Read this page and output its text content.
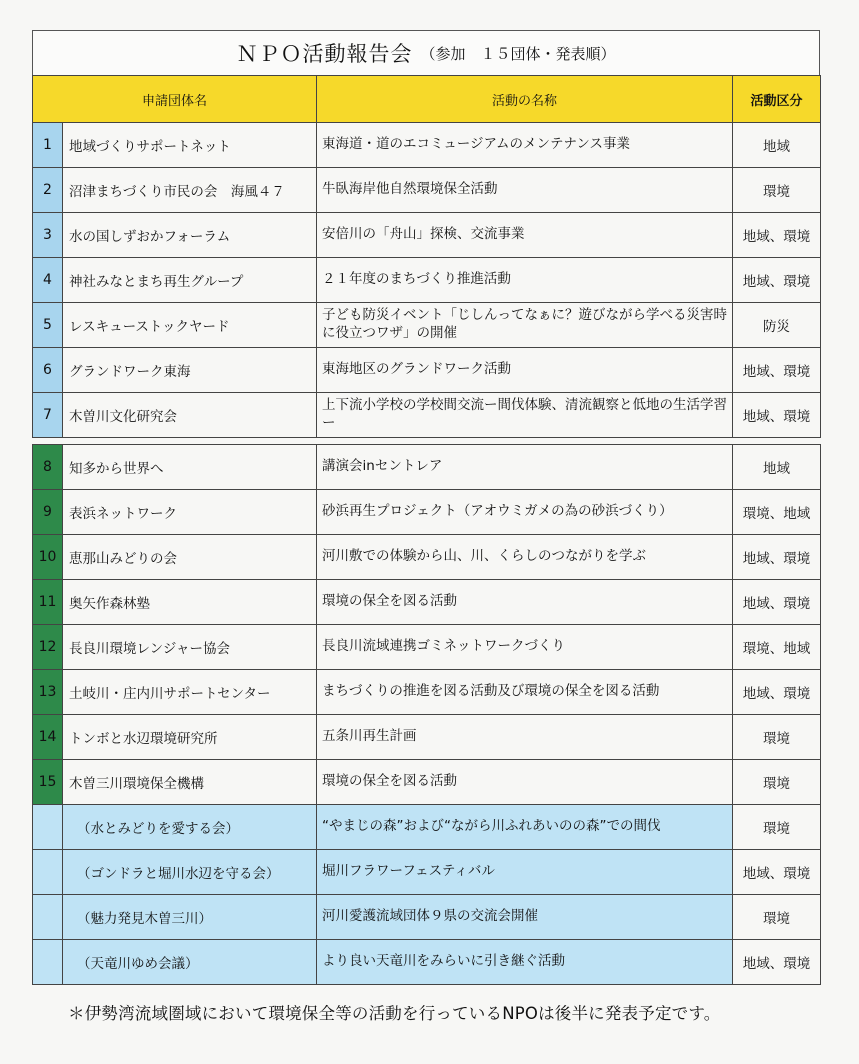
ＮＰＯ活動報告会 （参加　１５団体・発表順）
申請団体名		活動の名称	活動区分
1	地域づくりサポートネット	東海道・道のエコミュージアムのメンテナンス事業	地域
2	沼津まちづくり市民の会　海風４７	牛臥海岸他自然環境保全活動	環境
3	水の国しずおかフォーラム	安倍川の「舟山」探検、交流事業	地域、環境
4	神社みなとまち再生グループ	２１年度のまちづくり推進活動	地域、環境
5	レスキューストックヤード	子ども防災イベント「じしんってなぁに？遊びながら学べる災害時に役立つワザ」の開催	防災
6	グランドワーク東海	東海地区のグランドワーク活動	地域、環境
7	木曽川文化研究会	上下流小学校の学校間交流ー間伐体験、清流観察と低地の生活学習ー	地域、環境

8	知多から世界へ	講演会inセントレア	地域
9	表浜ネットワーク	砂浜再生プロジェクト（アオウミガメの為の砂浜づくり）	環境、地域
10	恵那山みどりの会	河川敷での体験から山、川、くらしのつながりを学ぶ	地域、環境
11	奥矢作森林塾	環境の保全を図る活動	地域、環境
12	長良川環境レンジャー協会	長良川流域連携ゴミネットワークづくり	環境、地域
13	土岐川・庄内川サポートセンター	まちづくりの推進を図る活動及び環境の保全を図る活動	地域、環境
14	トンボと水辺環境研究所	五条川再生計画	環境
15	木曽三川環境保全機構	環境の保全を図る活動	環境
	（水とみどりを愛する会）	“やまじの森”および“ながら川ふれあいのの森”での間伐	環境
	（ゴンドラと堀川水辺を守る会）	堀川フラワーフェスティバル	地域、環境
	（魅力発見木曽三川）	河川愛護流域団体９県の交流会開催	環境
	（天竜川ゆめ会議）	より良い天竜川をみらいに引き継ぐ活動	地域、環境
＊伊勢湾流域圏域において環境保全等の活動を行っているNPOは後半に発表予定です。
